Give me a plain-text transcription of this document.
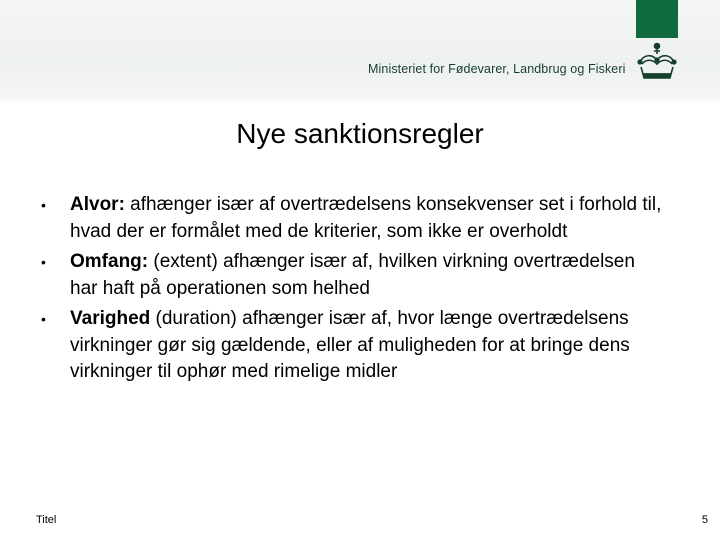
Ministeriet for Fødevarer, Landbrug og Fiskeri
Nye sanktionsregler
• Alvor: afhænger især af overtrædelsens konsekvenser set i forhold til, hvad der er formålet med de kriterier, som ikke er overholdt
• Omfang: (extent) afhænger især af, hvilken virkning overtrædelsen har haft på operationen som helhed
• Varighed (duration) afhænger især af, hvor længe overtrædelsens virkninger gør sig gældende, eller af muligheden for at bringe dens virkninger til ophør med rimelige midler
Titel	5
